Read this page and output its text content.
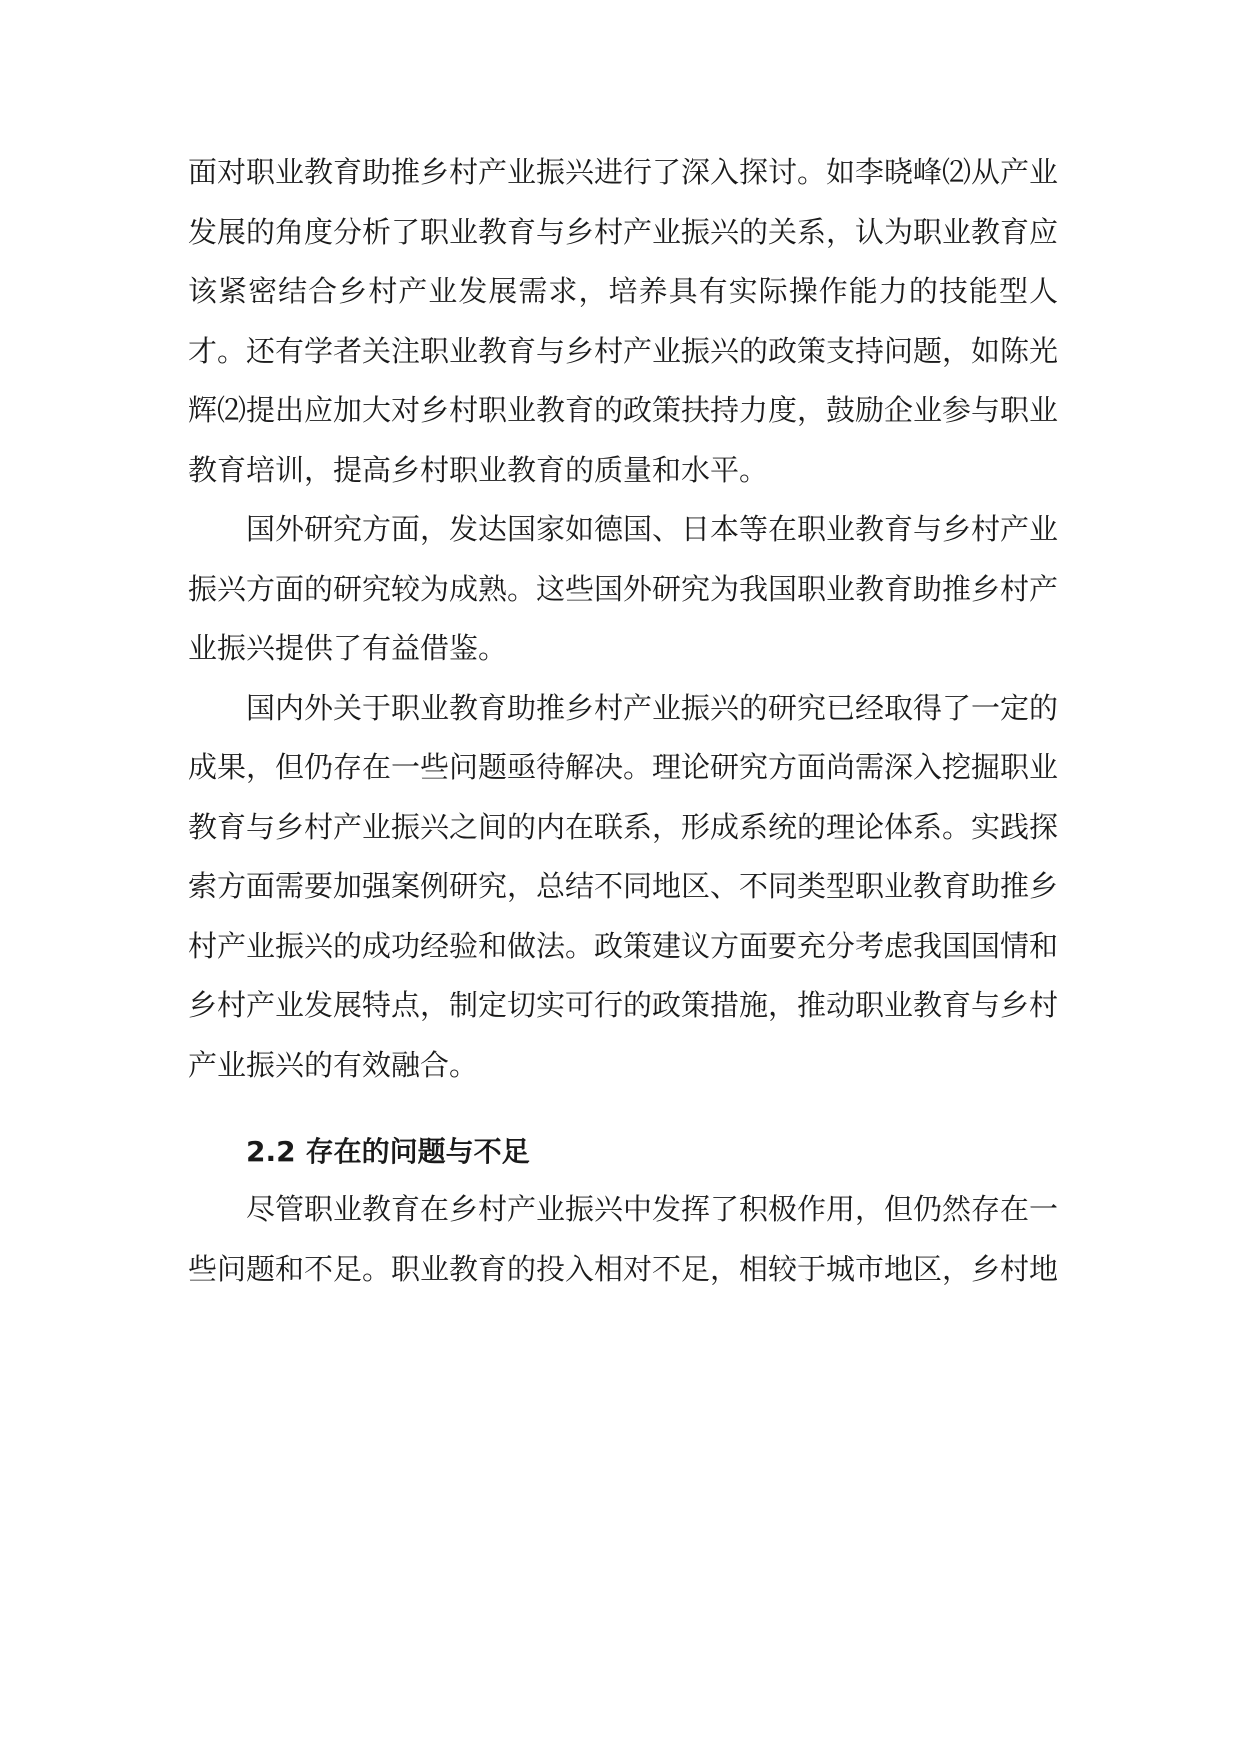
面对职业教育助推乡村产业振兴进行了深入探讨。如李晓峰⑵从产业发展的角度分析了职业教育与乡村产业振兴的关系，认为职业教育应该紧密结合乡村产业发展需求，培养具有实际操作能力的技能型人才。还有学者关注职业教育与乡村产业振兴的政策支持问题，如陈光辉⑵提出应加大对乡村职业教育的政策扶持力度，鼓励企业参与职业教育培训，提高乡村职业教育的质量和水平。

国外研究方面，发达国家如德国、日本等在职业教育与乡村产业振兴方面的研究较为成熟。这些国外研究为我国职业教育助推乡村产业振兴提供了有益借鉴。

国内外关于职业教育助推乡村产业振兴的研究已经取得了一定的成果，但仍存在一些问题亟待解决。理论研究方面尚需深入挖掘职业教育与乡村产业振兴之间的内在联系，形成系统的理论体系。实践探索方面需要加强案例研究，总结不同地区、不同类型职业教育助推乡村产业振兴的成功经验和做法。政策建议方面要充分考虑我国国情和乡村产业发展特点，制定切实可行的政策措施，推动职业教育与乡村产业振兴的有效融合。

2.2 存在的问题与不足

尽管职业教育在乡村产业振兴中发挥了积极作用，但仍然存在一些问题和不足。职业教育的投入相对不足，相较于城市地区，乡村地
